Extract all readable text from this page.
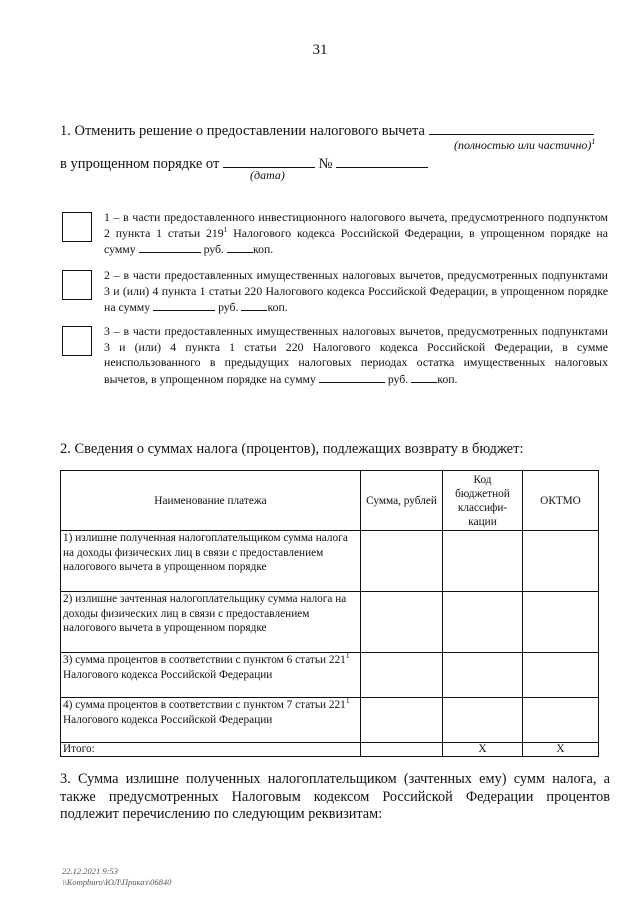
31
1. Отменить решение о предоставлении налогового вычета
(полностью или частично)$^1$
в упрощенном порядке от	№
(дата)
1 – в части предоставленного инвестиционного налогового вычета, предусмотренного подпунктом 2 пункта 1 статьи $219^1$ Налогового кодекса Российской Федерации, в упрощенном порядке на сумму	руб. коп.
2 – в части предоставленных имущественных налоговых вычетов, предусмотренных подпунктами 3 и (или) 4 пункта 1 статьи 220 Налогового кодекса Российской Федерации, в упрощенном порядке на сумму	руб. коп.
3 – в части предоставленных имущественных налоговых вычетов, предусмотренных подпунктами 3 и (или) 4 пункта 1 статьи 220 Налогового кодекса Российской Федерации, в сумме неиспользованного в предыдущих налоговых периодах остатка имущественных налоговых вычетов, в упрощенном порядке на сумму	руб. коп.
2. Сведения о суммах налога (процентов), подлежащих возврату в бюджет:
Наименование платежа	Сумма, рублей	Код бюджетной классифи-кации	ОКТМО
1) излишне полученная налогоплательщиком сумма налога на доходы физических лиц в связи с предоставлением налогового вычета в упрощенном порядке			
2) излишне зачтенная налогоплательщику сумма налога на доходы физических лиц в связи с предоставлением налогового вычета в упрощенном порядке			
3) сумма процентов в соответствии с пунктом 6 статьи $221^1$ Налогового кодекса Российской Федерации			
4) сумма процентов в соответствии с пунктом 7 статьи $221^1$ Налогового кодекса Российской Федерации			
Итого:		Х	Х
3. Сумма излишне полученных налогоплательщиком (зачтенных ему) сумм налога, а также предусмотренных Налоговым кодексом Российской Федерации процентов подлежит перечислению по следующим реквизитам:
22.12.2021 9:53
\\Kompburo\ЮЛ\Приказ\06840
